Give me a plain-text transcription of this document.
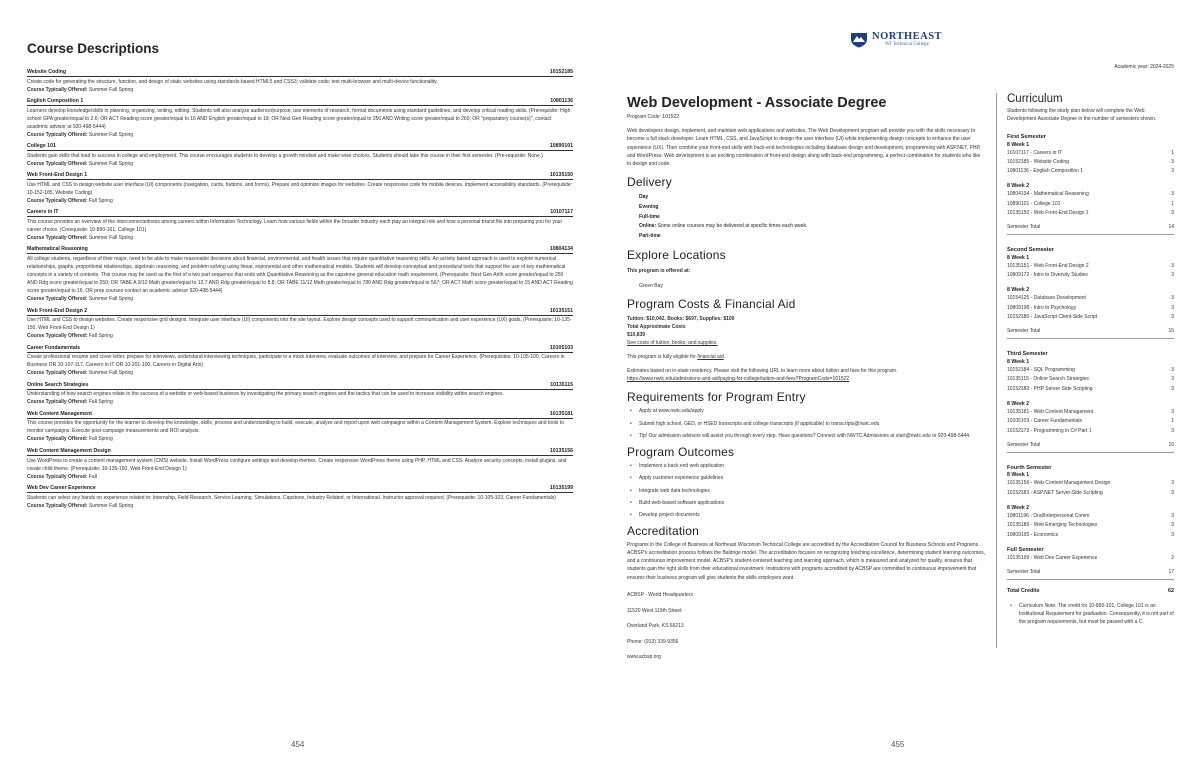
Course Descriptions
Website Coding	10152185
Create code for generating the structure, function, and design of static websites using standards-based HTML5 and CSS3; validate code; test multi-browser and multi-device functionality.
Course Typically Offered: Summer Fall Spring
English Composition 1	10801136
Learners develop knowledge/skills in planning, organizing, writing, editing. Students will also analyze audience/purpose, use elements of research, format documents using standard guidelines, and develop critical reading skills. (Prerequisite: High school GPA greater/equal to 2.6; OR ACT Reading score greater/equal to 16 AND English greater/equal to 18; OR Next Gen Reading score greater/equal to 250 AND Writing score greater/equal to 260; OR "preparatory course(s)", contact academic advisor at 920-498-5444)
Course Typically Offered: Summer Fall Spring
College 101	10890101
Students gain skills that lead to success in college and employment. This course encourages students to develop a growth mindset and make wise choices. Students should take this course in their first semester. (Pre-requisite: None.)
Course Typically Offered: Summer Fall Spring
Web Front-End Design 1	10135150
Use HTML and CSS to design website user interface (UI) components (navigation, cards, buttons, and forms). Prepare and optimize images for websites. Create responsive code for mobile devices. Implement accessibility standards. (Prerequisite: 10-152-185, Website Coding)
Course Typically Offered: Fall Spring
Careers in IT	10107117
This course provides an overview of the interconnectedness among careers within Information Technology. Learn how various fields within the broader industry each play an integral role and how a personal brand fits into preparing you for your career choice. (Corequisite: 10-890-101, College 101)
Course Typically Offered: Summer Fall Spring
Mathematical Reasoning	10804134
All college students, regardless of their major, need to be able to make reasonable decisions about financial, environmental, and health issues that require quantitative reasoning skills. An activity based approach is used to explore numerical relationships, graphs, proportional relationships, algebraic reasoning, and problem solving using linear, exponential and other mathematical models. Students will develop conceptual and procedural tools that support the use of key mathematical concepts in a variety of contexts. This course may be used as the first of a two part sequence that ends with Quantitative Reasoning as the capstone general education math requirement. (Prerequisite: Next Gen Arith score greater/equal to 250 AND Rdg score greater/equal to 250; OR TABE A 9/10 Math greater/equal to 12.7 AND Rdg greater/equal to 8.8; OR TABE 11/12 Math greater/equal to 780 AND Rdg greater/equal to 567; OR ACT Math score greater/equal to 15 AND ACT Reading score greater/equal to 16; OR prep courses-contact an academic advisor 920-498-5444)
Course Typically Offered: Summer Fall Spring
Web Front-End Design 2	10135151
Use HTML and CSS to design websites. Create responsive grid designs. Integrate user interface (UI) components into the site layout. Explore design concepts used to support communication and user experience (UX) goals. (Prerequisite: 10-135-150, Web Front-End Design 1)
Course Typically Offered: Fall Spring
Career Fundamentals	10105103
Create professional resume and cover letter, prepare for interviews, understand interviewing techniques, participate in a mock interview, evaluate outcomes of interview, and prepare for Career Experience. (Prerequisites: 10-105-100, Careers in Business OR 10-107-117, Careers in IT OR 10-201-100, Careers in Digital Arts)
Course Typically Offered: Summer Fall Spring
Online Search Strategies	10135115
Understanding of how search engines relate to the success of a website or web-based business by investigating the primary search engines and the tactics that can be used to increase visibility within search engines.
Course Typically Offered: Fall Spring
Web Content Management	10135181
This course provides the opportunity for the learner to develop the knowledge, skills, process and understanding to build, execute, analyze and report upon web campaigns within a Content Management System. Explore techniques and tools to monitor campaigns. Execute post-campaign measurements and ROI analysis.
Course Typically Offered: Fall Spring
Web Content Management Design	10135156
Use WordPress to create a content management system (CMS) website. Install WordPress configure settings and develop themes. Create responsive WordPress theme using PHP, HTML and CSS. Analyze security concepts, install plugins, and create child theme. (Prerequisite: 10-135-150, Web Front-End Design 1)
Course Typically Offered: Fall
Web Dev Career Experience	10135199
Students can select any hands on experience related to: Internship, Field Research, Service Learning, Simulations, Capstone, Industry Related, or International. Instructor approval required. (Prerequisite: 10-105-103, Career Fundamentals)
Course Typically Offered: Summer Fall Spring
454
NORTHEAST
WI Technical College
Academic year: 2024-2025
Web Development - Associate Degree
Program Code: 101522
Web developers design, implement, and maintain web applications and websites. The Web Development program will provide you with the skills necessary to become a full stack developer. Learn HTML, CSS, and JavaScript to design the user interface (UI) while implementing design concepts to enhance the user experience (UX). Then combine your front-end skills with back-end technologies including database design and development, programming with ASP.NET, PHP, and WordPress. Web development is an exciting combination of front-end design along with back-end programming, a perfect combination for students who like to design and code.
Delivery
Day
Evening
Full-time
Online: Some online courses may be delivered at specific times each week.
Part-time
Explore Locations
This program is offered at:
Green Bay
Program Costs & Financial Aid
Tuition: $10,042, Books: $697, Supplies: $100
Total Approximate Costs
$10,839
See costs of tuition, books, and supplies.
This program is fully eligible for financial aid.
Estimates based on in-state residency. Please visit the following URL to learn more about tuition and fees for this program.
https://www.nwtc.edu/admissions-and-aid/paying-for-college/tuition-and-fees?ProgramCode=101522
Requirements for Program Entry
• Apply at www.nwtc.edu/apply
• Submit high school, GED, or HSED transcripts and college transcripts (if applicable) to transcripts@nwtc.edu
• Tip! Our admission advisors will assist you through every step. Have questions? Connect with NWTC Admissions at start@nwtc.edu or 920-498-5444.
Program Outcomes
• Implement a back end web application
• Apply customer experience guidelines
• Integrate web data technologies
• Build web-based software applications
• Develop project documents
Accreditation
Programs in the College of Business at Northeast Wisconsin Technical College are accredited by the Accreditation Council for Business Schools and Programs. ACBSP's accreditation process follows the Baldrige model. The accreditation focuses on recognizing teaching excellence, determining student learning outcomes, and a continuous improvement model. ACBSP's student-centered teaching and learning approach, which is measured and analyzed for quality, ensures that students gain the right skills from their educational investment. Institutions with programs accredited by ACBSP are committed to continuous improvement that ensures their business program will give students the skills employers want.
ACBSP - World Headquarters
11520 West 119th Street
Overland Park, KS 66213
Phone: (913) 339-9356
www.acbsp.org
Curriculum
Students following the study plan below will complete the Web Development Associate Degree in the number of semesters shown.
First Semester
8 Week 1
10107117 - Careers in IT	1
10152185 - Website Coding	3
10801136 - English Composition 1	3
8 Week 2
10804134 - Mathematical Reasoning	3
10890101 - College 101	1
10135150 - Web Front-End Design 1	3
Semester Total	14
Second Semester
8 Week 1
10135151 - Web Front-End Design 2	3
10809172 - Intro to Diversity Studies	3
8 Week 2
10154125 - Database Development	3
10809198 - Intro to Psychology	3
10152180 - JavaScript Client-Side Script	3
Semester Total	15
Third Semester
8 Week 1
10152184 - SQL Programming	3
10135115 - Online Search Strategies	3
10152182 - PHP Server-Side Scripting	3
8 Week 2
10135181 - Web Content Management	3
10105103 - Career Fundamentals	1
10152173 - Programming in C# Part 1	3
Semester Total	16
Fourth Semester
8 Week 1
10135156 - Web Content Management Design	3
10152183 - ASP.NET Server-Side Scripting	3
8 Week 2
10801196 - Oral/Interpersonal Comm	3
10135186 - Web Emerging Technologies	3
10809195 - Economics	3
Full Semester
10135199 - Web Dev Career Experience	2
Semester Total	17
Total Credits	62
• Curriculum Note: The credit for 10-890-101, College 101 is an Institutional Requirement for graduation. Consequently, it is not part of the program requirements, but must be passed with a C.
455
